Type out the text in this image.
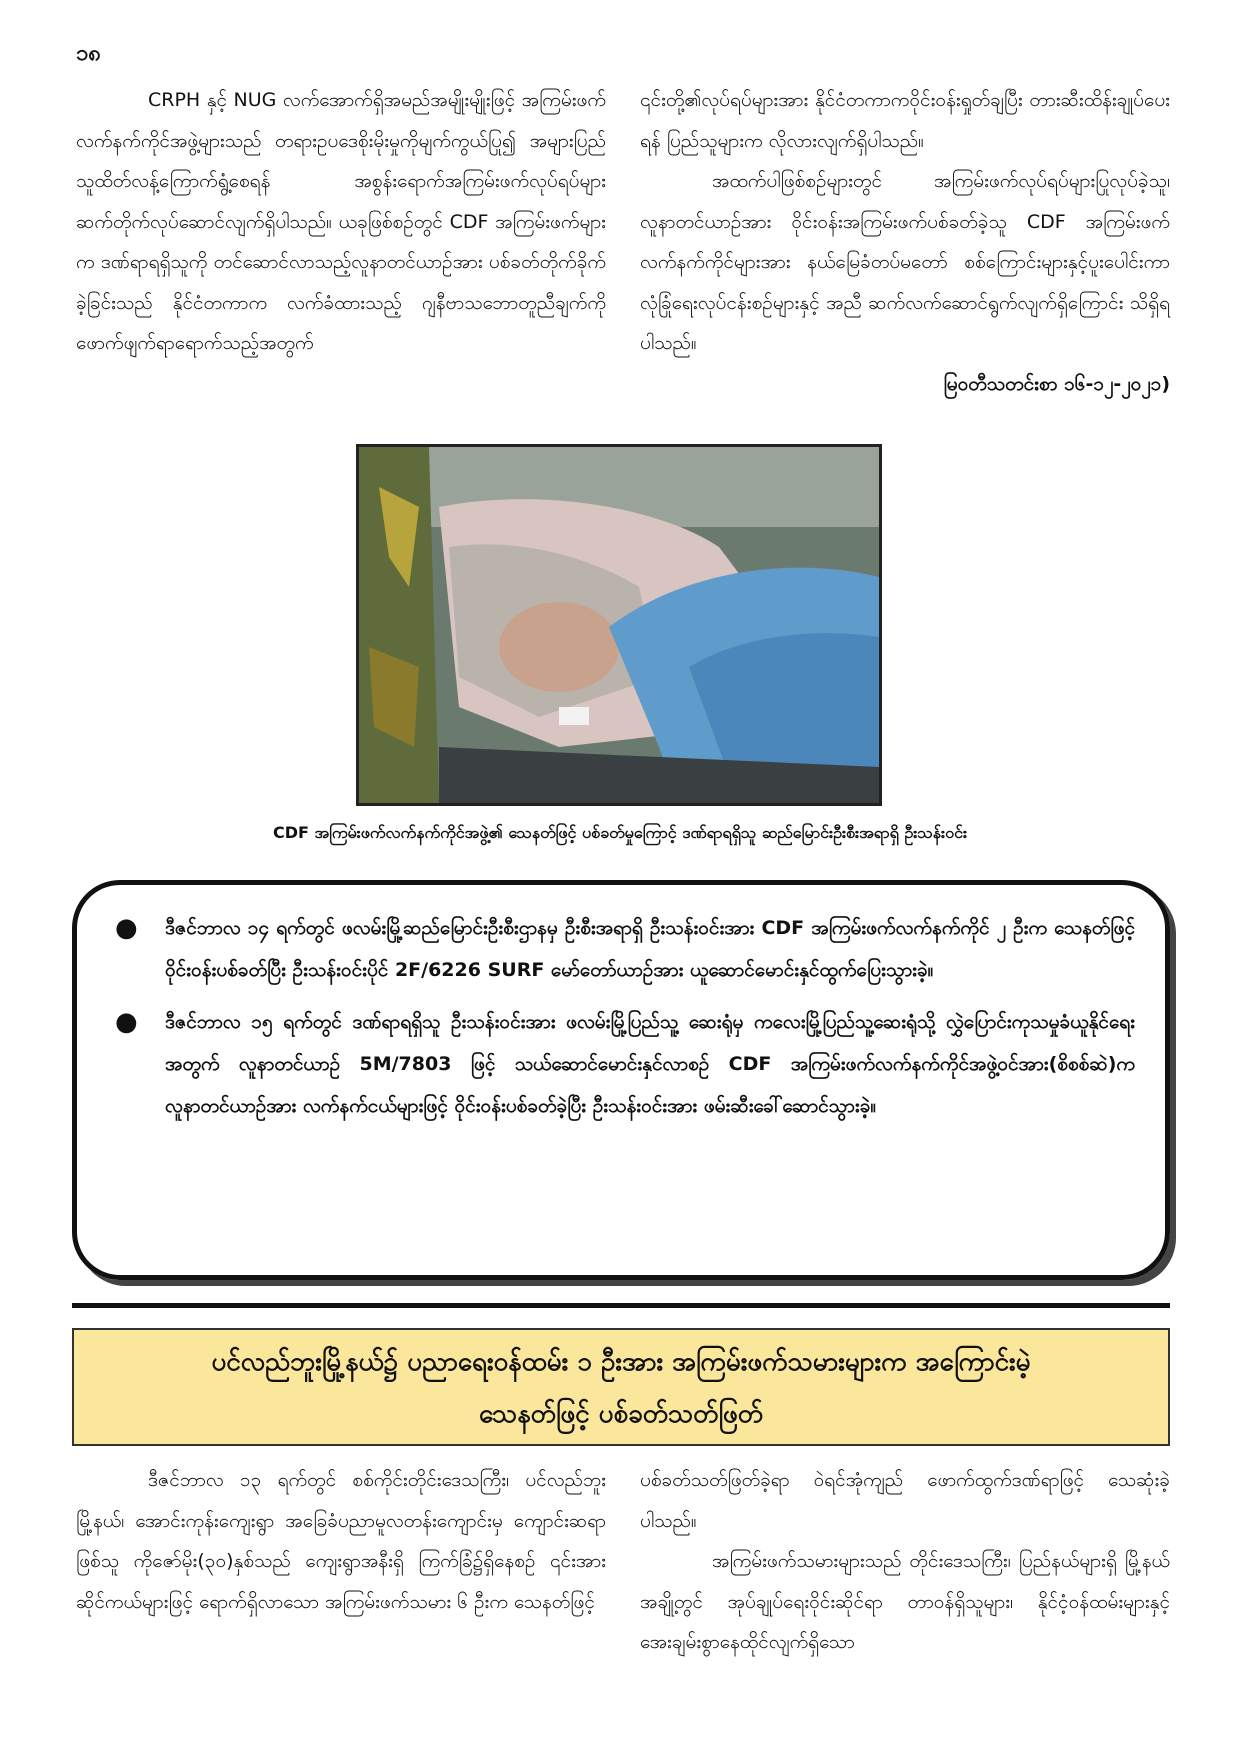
၁၈

CRPH နှင့် NUG လက်အောက်ရှိအမည်အမျိုးမျိုးဖြင့် အကြမ်းဖက်လက်နက်ကိုင်အဖွဲ့များသည် တရားဥပဒေစိုးမိုးမှုကိုမျက်ကွယ်ပြု၍ အများပြည်သူထိတ်လန့်ကြောက်ရွံ့စေရန် အစွန်းရောက်အကြမ်းဖက်လုပ်ရပ်များ ဆက်တိုက်လုပ်ဆောင်လျက်ရှိပါသည်။ ယခုဖြစ်စဉ်တွင် CDF အကြမ်းဖက်များက ဒဏ်ရာရရှိသူကို တင်ဆောင်လာသည့်လူနာတင်ယာဉ်အား ပစ်ခတ်တိုက်ခိုက်ခဲ့ခြင်းသည် နိုင်ငံတကာက လက်ခံထားသည့် ဂျနီဗာသဘောတူညီချက်ကို ဖောက်ဖျက်ရာရောက်သည့်အတွက်

၎င်းတို့၏လုပ်ရပ်များအား နိုင်ငံတကာကဝိုင်းဝန်းရှုတ်ချပြီး တားဆီးထိန်းချုပ်ပေးရန် ပြည်သူများက လိုလားလျက်ရှိပါသည်။

အထက်ပါဖြစ်စဉ်များတွင် အကြမ်းဖက်လုပ်ရပ်များပြုလုပ်ခဲ့သူ၊ လူနာတင်ယာဉ်အား ဝိုင်းဝန်းအကြမ်းဖက်ပစ်ခတ်ခဲ့သူ CDF အကြမ်းဖက်လက်နက်ကိုင်များအား နယ်မြေခံတပ်မတော် စစ်ကြောင်းများနှင့်ပူးပေါင်းကာ လုံခြုံရေးလုပ်ငန်းစဉ်များနှင့် အညီ ဆက်လက်ဆောင်ရွက်လျက်ရှိကြောင်း သိရှိရပါသည်။

မြဝတီသတင်းစာ ၁၆-၁၂-၂၀၂၁)

CDF အကြမ်းဖက်လက်နက်ကိုင်အဖွဲ့၏ သေနတ်ဖြင့် ပစ်ခတ်မှုကြောင့် ဒဏ်ရာရရှိသူ ဆည်မြောင်းဦးစီးအရာရှိ ဦးသန်းဝင်း
●	ဒီဇင်ဘာလ ၁၄ ရက်တွင် ဖလမ်းမြို့ဆည်မြောင်းဦးစီးဌာနမှ ဦးစီးအရာရှိ ဦးသန်းဝင်းအား CDF အကြမ်းဖက်လက်နက်ကိုင် ၂ ဦးက သေနတ်ဖြင့် ဝိုင်းဝန်းပစ်ခတ်ပြီး ဦးသန်းဝင်းပိုင် 2F/6226 SURF မော်တော်ယာဉ်အား ယူဆောင်မောင်းနှင်ထွက်ပြေးသွားခဲ့။
●	ဒီဇင်ဘာလ ၁၅ ရက်တွင် ဒဏ်ရာရရှိသူ ဦးသန်းဝင်းအား ဖလမ်းမြို့ပြည်သူ့ ဆေးရုံမှ ကလေးမြို့ပြည်သူ့ဆေးရုံသို့ လွှဲပြောင်းကုသမှုခံယူနိုင်ရေးအတွက် လူနာတင်ယာဉ် 5M/7803 ဖြင့် သယ်ဆောင်မောင်းနှင်လာစဉ် CDF အကြမ်းဖက်လက်နက်ကိုင်အဖွဲ့ဝင်အား(စိစစ်ဆဲ)က လူနာတင်ယာဉ်အား လက်နက်ငယ်များဖြင့် ဝိုင်းဝန်းပစ်ခတ်ခဲ့ပြီး ဦးသန်းဝင်းအား ဖမ်းဆီးခေါ်ဆောင်သွားခဲ့။
ပင်လည်ဘူးမြို့နယ်၌ ပညာရေးဝန်ထမ်း ၁ ဦးအား အကြမ်းဖက်သမားများက အကြောင်းမဲ့
သေနတ်ဖြင့် ပစ်ခတ်သတ်ဖြတ်

ဒီဇင်ဘာလ ၁၃ ရက်တွင် စစ်ကိုင်းတိုင်းဒေသကြီး၊ ပင်လည်ဘူးမြို့နယ်၊ အောင်းကုန်းကျေးရွာ အခြေခံပညာမူလတန်းကျောင်းမှ ကျောင်းဆရာဖြစ်သူ ကိုဇော်မိုး(၃၀)နှစ်သည် ကျေးရွာအနီးရှိ ကြက်ခြံ၌ရှိနေစဉ် ၎င်းအား ဆိုင်ကယ်များဖြင့် ရောက်ရှိလာသော အကြမ်းဖက်သမား ၆ ဦးက သေနတ်ဖြင့်

ပစ်ခတ်သတ်ဖြတ်ခဲ့ရာ ဝဲရင်အုံကျည် ဖောက်ထွက်ဒဏ်ရာဖြင့် သေဆုံးခဲ့ပါသည်။

အကြမ်းဖက်သမားများသည် တိုင်းဒေသကြီး၊ ပြည်နယ်များရှိ မြို့နယ်အချို့တွင် အုပ်ချုပ်ရေးဝိုင်းဆိုင်ရာ တာဝန်ရှိသူများ၊ နိုင်ငံ့ဝန်ထမ်းများနှင့် အေးချမ်းစွာနေထိုင်လျက်ရှိသော
